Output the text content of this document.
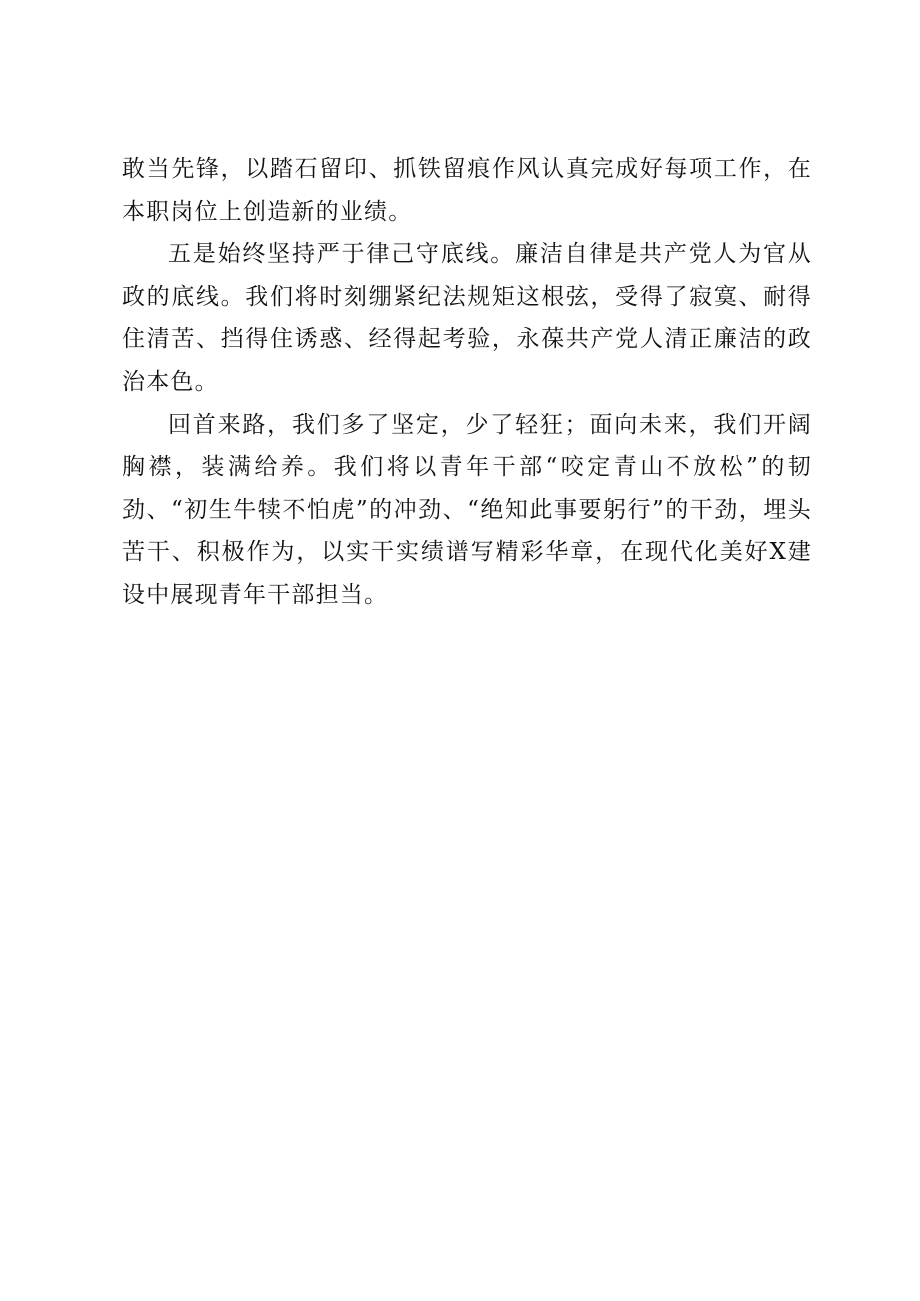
敢当先锋，以踏石留印、抓铁留痕作风认真完成好每项工作，在本职岗位上创造新的业绩。

五是始终坚持严于律己守底线。廉洁自律是共产党人为官从政的底线。我们将时刻绷紧纪法规矩这根弦，受得了寂寞、耐得住清苦、挡得住诱惑、经得起考验，永葆共产党人清正廉洁的政治本色。

回首来路，我们多了坚定，少了轻狂；面向未来，我们开阔胸襟，装满给养。我们将以青年干部“咬定青山不放松”的韧劲、“初生牛犊不怕虎”的冲劲、“绝知此事要躬行”的干劲，埋头苦干、积极作为，以实干实绩谱写精彩华章，在现代化美好X建设中展现青年干部担当。
